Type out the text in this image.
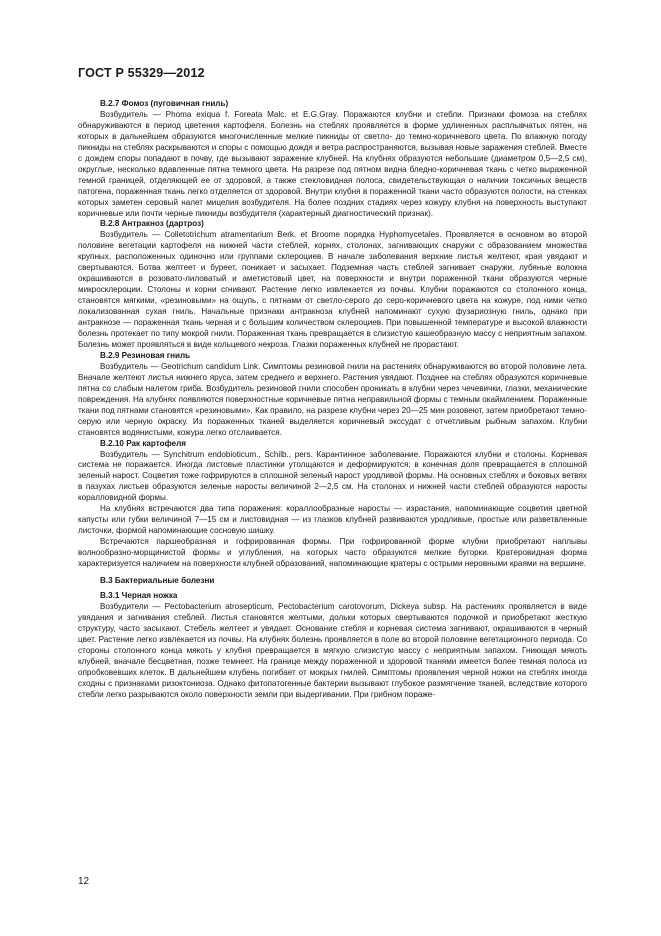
ГОСТ Р 55329—2012

В.2.7 Фомоз (пуговичная гниль)

Возбудитель — Phoma exiqua f. Foreata Malc. et E.G.Gray. Поражаются клубни и стебли. Признаки фомоза на стеблях обнаруживаются в период цветения картофеля. Болезнь на стеблях проявляется в форме удлиненных расплывчатых пятен, на которых в дальнейшем образуются многочисленные мелкие пикниды от светло- до темно-коричневого цвета. По влажную погоду пикниды на стеблях раскрываются и споры с помощью дождя и ветра распространяются, вызывая новые заражения стеблей. Вместе с дождем споры попадают в почву, где вызывают заражение клубней. На клубнях образуются небольшие (диаметром 0,5—2,5 см), округлые, несколько вдавленные пятна темного цвета. На разрезе под пятном видна бледно-коричневая ткань с четко выраженной темной границей, отделяющей ее от здоровой, а также стекловидная полоса, свидетельствующая о наличии токсичных веществ патогена, пораженная ткань легко отделяется от здоровой. Внутри клубня в пораженной ткани часто образуются полости, на стенках которых заметен серовый налет мицелия возбудителя. На более поздних стадиях через кожуру клубня на поверхность выступают коричневые или почти черные пикниды возбудителя (характерный диагностический признак).

В.2.8 Антракноз (дартроз)

Возбудитель — Colletotrichum atramentarium Berk. et Broome порядка Hyphomycetales. Проявляется в основном во второй половине вегетации картофеля на нижней части стеблей, корнях, столонах, загнивающих снаружи с образованием множества крупных, расположенных одиночно или группами склероциев. В начале заболевания верхние листья желтеют, края увядают и свертываются. Ботва желтеет и буреет, поникает и засыхает. Подземная часть стеблей загнивает снаружи, лубяные волокна окрашиваются в розовато-лиловатый и аметистовый цвет, на поверхности и внутри пораженной ткани образуются черные микросклероции. Столоны и корни сгнивают. Растение легко извлекается из почвы. Клубни поражаются со столонного конца, становятся мягкими, «резиновыми» на ощупь, с пятнами от светло-серого до серо-коричневого цвета на кожуре, под ними четко локализованная сухая гниль. Начальные признаки антракноза клубней напоминают сухую фузариозную гниль, однако при антракнозе — пораженная ткань черная и с большим количеством склероциев. При повышенной температуре и высокой влажности болезнь протекает по типу мокрой гнили. Пораженная ткань превращается в слизистую кашеобразную массу с неприятным запахом. Болезнь может проявляться в виде кольцевого некроза. Глазки пораженных клубней не прорастают.

В.2.9 Резиновая гниль

Возбудитель — Geotrichum candidum Link. Симптомы резиновой гнили на растениях обнаруживаются во второй половине лета. Вначале желтеют листья нижнего яруса, затем среднего и верхнего. Растения увядают. Позднее на стеблях образуются коричневые пятна со слабым налетом гриба. Возбудитель резиновой гнили способен проникать в клубни через чечевички, глазки, механические повреждения. На клубнях появляются поверхностные коричневые пятна неправильной формы с темным окаймлением. Пораженные ткани под пятнами становятся «резиновыми». Как правило, на разрезе клубни через 20—25 мин розовеют, затем приобретают темно-серую или черную окраску. Из пораженных тканей выделяется коричневый экссудат с отчетливым рыбным запахом. Клубни становятся водянистыми, кожура легко отслаивается.

В.2.10 Рак картофеля

Возбудитель — Synchitrum endobioticum., Schilb., pers. Карантинное заболевание. Поражаются клубни и столоны. Корневая система не поражается. Иногда листовые пластинки утолщаются и деформируются; в конечная доля превращается в сплошной зеленый нарост. Соцветия тоже гофрируются в сплошной зеленый нарост уродливой формы. На основных стеблях и боковых ветвях в пазухах листьев образуются зеленые наросты величиной 2—2,5 см. На столонах и нижней части стеблей образуются наросты коралловидной формы.

На клубнях встречаются два типа поражения: кораллообразные наросты — израстания, напоминающие соцветия цветной капусты или губки величиной 7—15 см и листовидная — из глазков клубней развиваются уродливые, простые или разветвленные листочки, формой напоминающие сосновую шишку.

Встречаются паршеобразная и гофрированная формы. При гофрированной форме клубни приобретают наплывы волнообразно-морщинистой формы и углубления, на которых часто образуются мелкие бугорки. Кратеровидная форма характеризуется наличием на поверхности клубней образований, напоминающие кратеры с острыми неровными краями на вершине.

В.3 Бактериальные болезни

В.3.1 Черная ножка

Возбудители — Pectobacterium atrosepticum, Pectobacterium carotovorum, Dickeya subsp. На растениях проявляется в виде увядания и загнивания стеблей. Листья становятся желтыми, дольки которых свертываются подочкой и приобретают жесткую структуру, часто засыхают. Стебель желтеет и увядает. Основание стебля и корневая система загнивают, окрашиваются в черный цвет. Растение легко извлекается из почвы. На клубнях болезнь проявляется в поле во второй половине вегетационного периода. Со стороны столонного конца мякоть у клубня превращается в мягкую слизистую массу с неприятным запахом. Гниющая мякоть клубней, вначале бесцветная, позже темнеет. На границе между пораженной и здоровой тканями имеется более темная полоса из опробковевших клеток. В дальнейшем клубень погибает от мокрых гнилей. Симптомы проявления черной ножки на стеблях иногда сходны с признаками ризоктониоза. Однако фитопатогенные бактерии вызывают глубокое размягчение тканей, вследствие которого стебли легко разрываются около поверхности земли при выдергивании. При грибном пораже-

12
